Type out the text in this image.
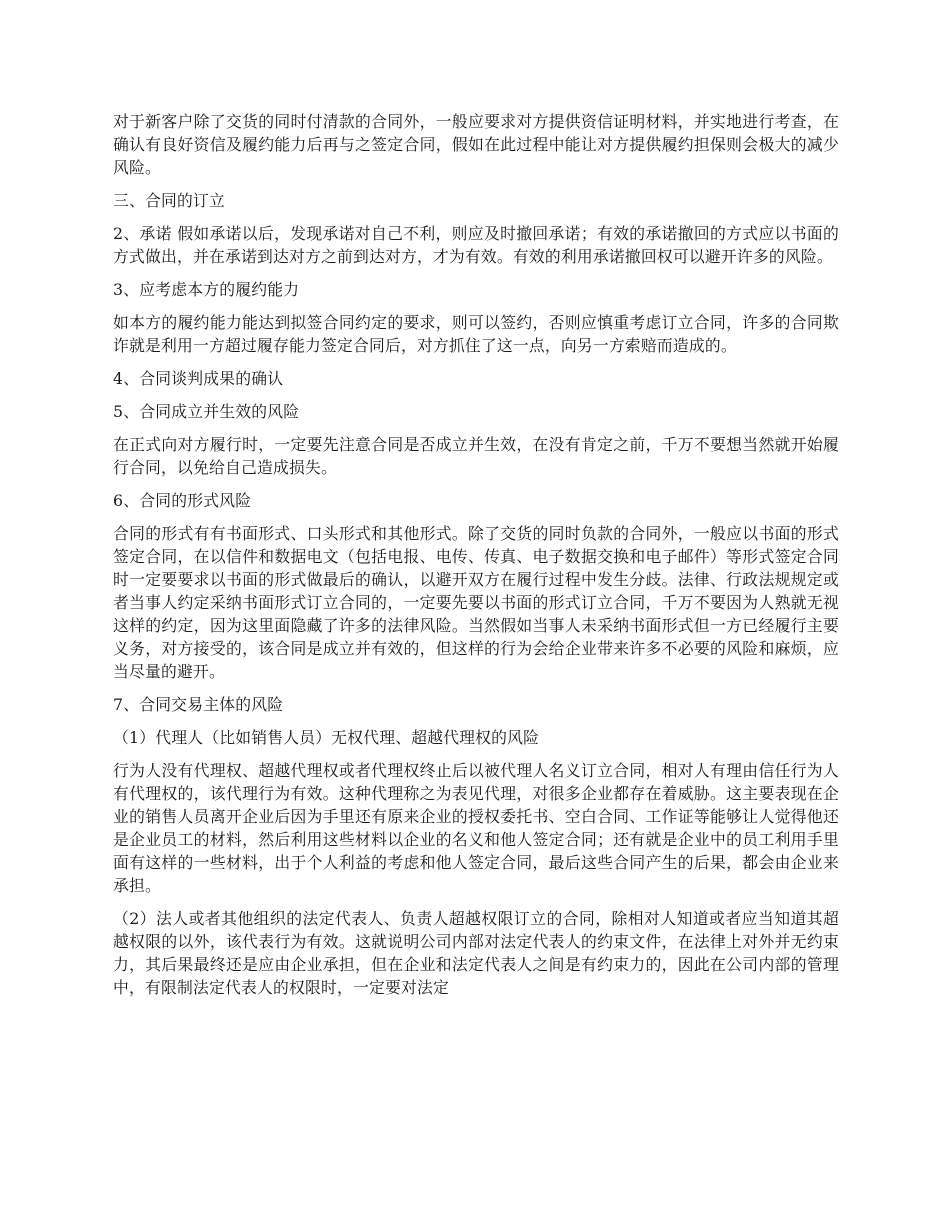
对于新客户除了交货的同时付清款的合同外，一般应要求对方提供资信证明材料，并实地进行考查，在确认有良好资信及履约能力后再与之签定合同，假如在此过程中能让对方提供履约担保则会极大的减少风险。

三、合同的订立

2、承诺 假如承诺以后，发现承诺对自己不利，则应及时撤回承诺；有效的承诺撤回的方式应以书面的方式做出，并在承诺到达对方之前到达对方，才为有效。有效的利用承诺撤回权可以避开许多的风险。

3、应考虑本方的履约能力

如本方的履约能力能达到拟签合同约定的要求，则可以签约，否则应慎重考虑订立合同，许多的合同欺诈就是利用一方超过履存能力签定合同后，对方抓住了这一点，向另一方索赔而造成的。

4、合同谈判成果的确认

5、合同成立并生效的风险

在正式向对方履行时，一定要先注意合同是否成立并生效，在没有肯定之前，千万不要想当然就开始履行合同，以免给自己造成损失。

6、合同的形式风险

合同的形式有有书面形式、口头形式和其他形式。除了交货的同时负款的合同外，一般应以书面的形式签定合同，在以信件和数据电文（包括电报、电传、传真、电子数据交换和电子邮件）等形式签定合同时一定要要求以书面的形式做最后的确认，以避开双方在履行过程中发生分歧。法律、行政法规规定或者当事人约定采纳书面形式订立合同的，一定要先要以书面的形式订立合同，千万不要因为人熟就无视这样的约定，因为这里面隐藏了许多的法律风险。当然假如当事人未采纳书面形式但一方已经履行主要义务，对方接受的，该合同是成立并有效的，但这样的行为会给企业带来许多不必要的风险和麻烦，应当尽量的避开。

7、合同交易主体的风险

（1）代理人（比如销售人员）无权代理、超越代理权的风险

行为人没有代理权、超越代理权或者代理权终止后以被代理人名义订立合同，相对人有理由信任行为人有代理权的，该代理行为有效。这种代理称之为表见代理，对很多企业都存在着威胁。这主要表现在企业的销售人员离开企业后因为手里还有原来企业的授权委托书、空白合同、工作证等能够让人觉得他还是企业员工的材料，然后利用这些材料以企业的名义和他人签定合同；还有就是企业中的员工利用手里面有这样的一些材料，出于个人利益的考虑和他人签定合同，最后这些合同产生的后果，都会由企业来承担。

（2）法人或者其他组织的法定代表人、负责人超越权限订立的合同，除相对人知道或者应当知道其超越权限的以外，该代表行为有效。这就说明公司内部对法定代表人的约束文件，在法律上对外并无约束力，其后果最终还是应由企业承担，但在企业和法定代表人之间是有约束力的，因此在公司内部的管理中，有限制法定代表人的权限时，一定要对法定
